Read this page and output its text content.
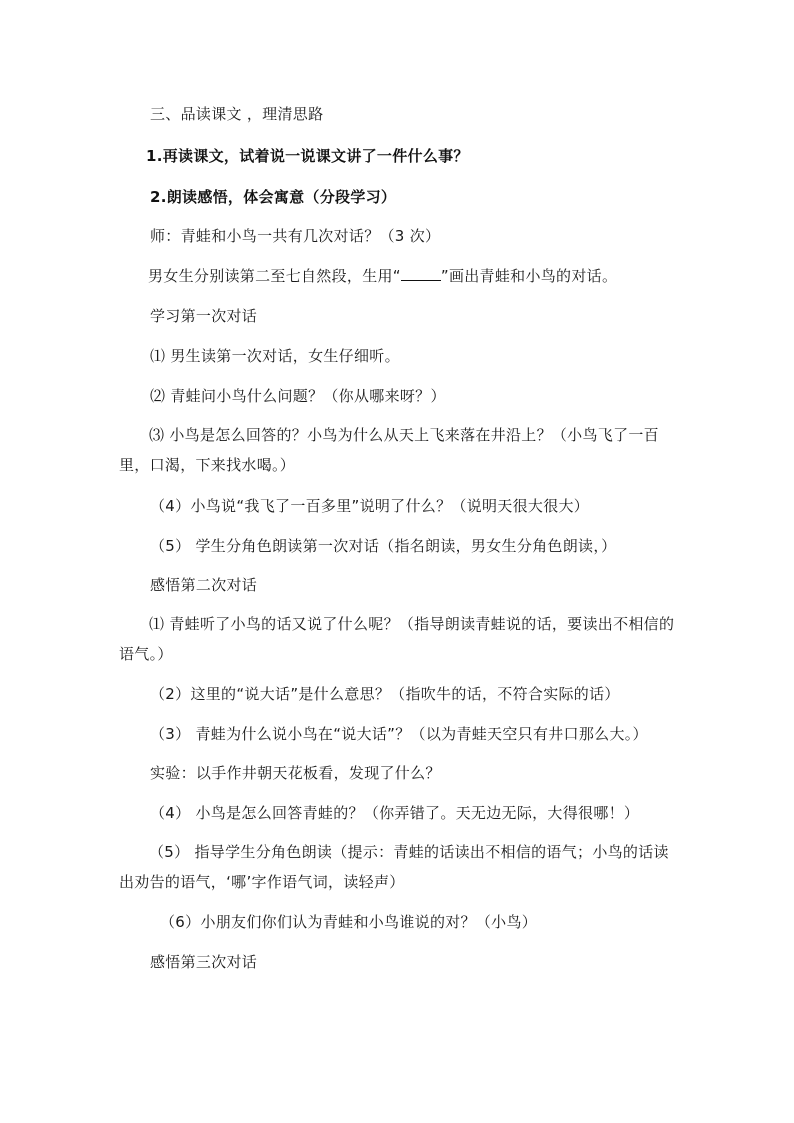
三、品读课文 ，理清思路
1.再读课文，试着说一说课文讲了一件什么事？
2.朗读感悟，体会寓意（分段学习）
师：青蛙和小鸟一共有几次对话？（3 次）
男女生分别读第二至七自然段，生用“	”画出青蛙和小鸟的对话。
学习第一次对话
⑴ 男生读第一次对话，女生仔细听。
⑵ 青蛙问小鸟什么问题？（你从哪来呀？）
⑶ 小鸟是怎么回答的？小鸟为什么从天上飞来落在井沿上？（小鸟飞了一百里，口渴，下来找水喝。）
（4）小鸟说“我飞了一百多里”说明了什么？（说明天很大很大）
（5） 学生分角色朗读第一次对话（指名朗读，男女生分角色朗读，）
感悟第二次对话
⑴ 青蛙听了小鸟的话又说了什么呢？（指导朗读青蛙说的话，要读出不相信的语气。）
（2）这里的“说大话”是什么意思？（指吹牛的话，不符合实际的话）
（3） 青蛙为什么说小鸟在“说大话”？（以为青蛙天空只有井口那么大。）
实验：以手作井朝天花板看，发现了什么？
（4） 小鸟是怎么回答青蛙的？（你弄错了。天无边无际，大得很哪！）
（5） 指导学生分角色朗读（提示：青蛙的话读出不相信的语气；小鸟的话读出劝告的语气，‘哪’字作语气词，读轻声）
（6）小朋友们你们认为青蛙和小鸟谁说的对？（小鸟）
感悟第三次对话
